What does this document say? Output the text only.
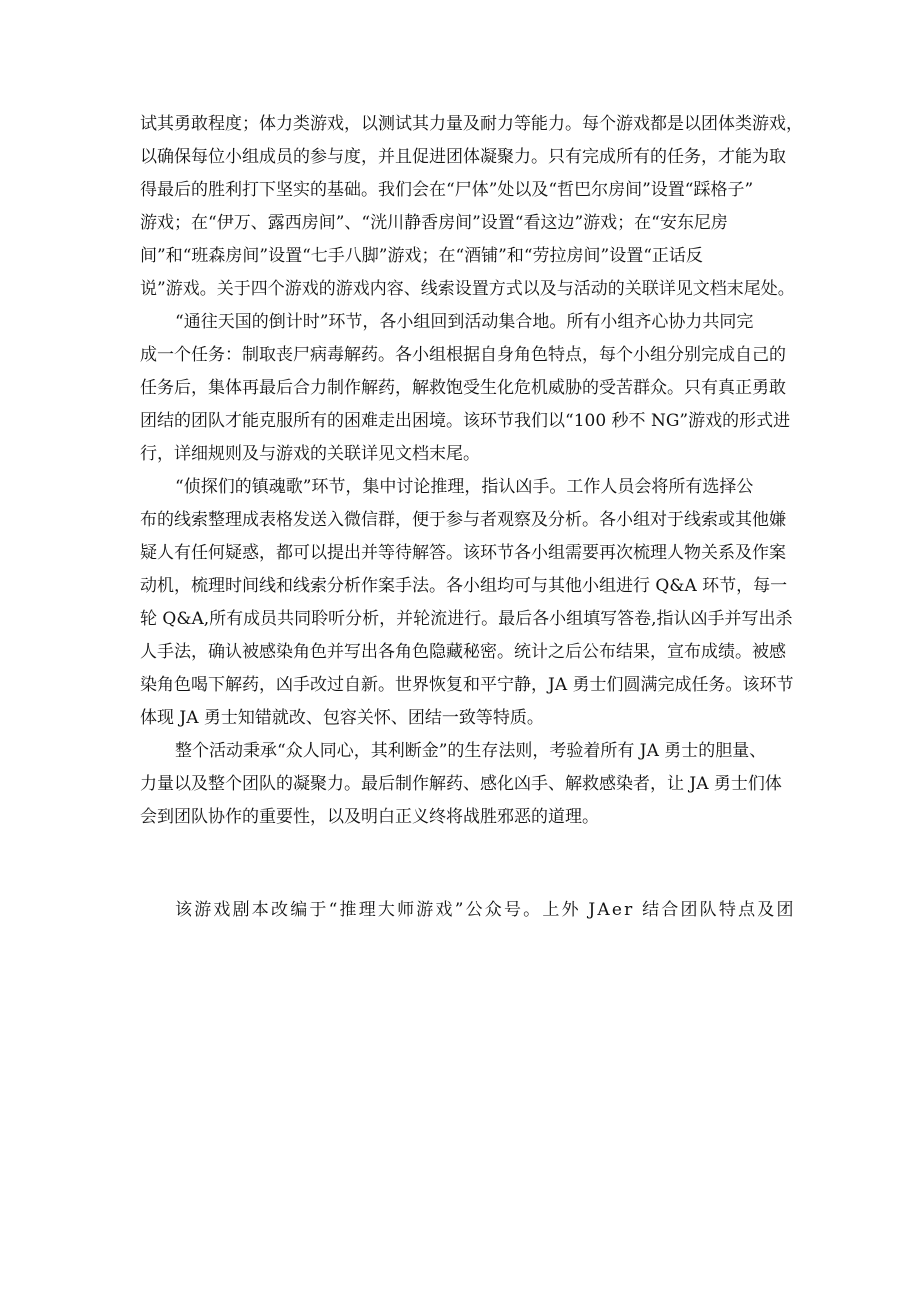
试其勇敢程度；体力类游戏，以测试其力量及耐力等能力。每个游戏都是以团体类游戏，
以确保每位小组成员的参与度，并且促进团体凝聚力。只有完成所有的任务，才能为取
得最后的胜利打下坚实的基础。我们会在“尸体”处以及“哲巴尔房间”设置“踩格子”
游戏；在“伊万、露西房间”、“洸川静香房间”设置“看这边”游戏；在“安东尼房
间”和“班森房间”设置“七手八脚”游戏；在“酒铺”和“劳拉房间”设置“正话反
说”游戏。关于四个游戏的游戏内容、线索设置方式以及与活动的关联详见文档末尾处。
“通往天国的倒计时”环节，各小组回到活动集合地。所有小组齐心协力共同完
成一个任务：制取丧尸病毒解药。各小组根据自身角色特点，每个小组分别完成自己的
任务后，集体再最后合力制作解药，解救饱受生化危机威胁的受苦群众。只有真正勇敢
团结的团队才能克服所有的困难走出困境。该环节我们以“100 秒不 NG”游戏的形式进
行，详细规则及与游戏的关联详见文档末尾。
“侦探们的镇魂歌”环节，集中讨论推理，指认凶手。工作人员会将所有选择公
布的线索整理成表格发送入微信群，便于参与者观察及分析。各小组对于线索或其他嫌
疑人有任何疑惑，都可以提出并等待解答。该环节各小组需要再次梳理人物关系及作案
动机，梳理时间线和线索分析作案手法。各小组均可与其他小组进行 Q&A 环节，每一
轮 Q&A,所有成员共同聆听分析，并轮流进行。最后各小组填写答卷,指认凶手并写出杀
人手法，确认被感染角色并写出各角色隐藏秘密。统计之后公布结果，宣布成绩。被感
染角色喝下解药，凶手改过自新。世界恢复和平宁静，JA 勇士们圆满完成任务。该环节
体现 JA 勇士知错就改、包容关怀、团结一致等特质。
整个活动秉承“众人同心，其利断金”的生存法则，考验着所有 JA 勇士的胆量、
力量以及整个团队的凝聚力。最后制作解药、感化凶手、解救感染者，让 JA 勇士们体
会到团队协作的重要性，以及明白正义终将战胜邪恶的道理。
该游戏剧本改编于“推理大师游戏”公众号。上外 JAer 结合团队特点及团
